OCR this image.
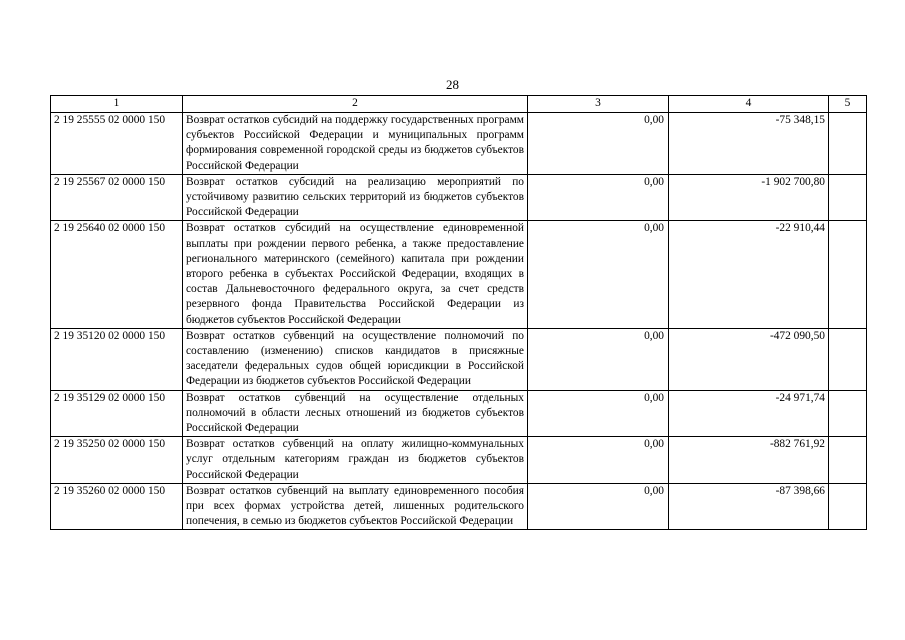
28
1	2	3	4	5
2 19 25555 02 0000 150	Возврат остатков субсидий на поддержку государственных программ субъектов Российской Федерации и муниципальных программ формирования современной городской среды из бюджетов субъектов Российской Федерации	0,00	-75 348,15	
2 19 25567 02 0000 150	Возврат остатков субсидий на реализацию мероприятий по устойчивому развитию сельских территорий из бюджетов субъектов Российской Федерации	0,00	-1 902 700,80	
2 19 25640 02 0000 150	Возврат остатков субсидий на осуществление единовременной выплаты при рождении первого ребенка, а также предоставление регионального материнского (семейного) капитала при рождении второго ребенка в субъектах Российской Федерации, входящих в состав Дальневосточного федерального округа, за счет средств резервного фонда Правительства Российской Федерации из бюджетов субъектов Российской Федерации	0,00	-22 910,44	
2 19 35120 02 0000 150	Возврат остатков субвенций на осуществление полномочий по составлению (изменению) списков кандидатов в присяжные заседатели федеральных судов общей юрисдикции в Российской Федерации из бюджетов субъектов Российской Федерации	0,00	-472 090,50	
2 19 35129 02 0000 150	Возврат остатков субвенций на осуществление отдельных полномочий в области лесных отношений из бюджетов субъектов Российской Федерации	0,00	-24 971,74	
2 19 35250 02 0000 150	Возврат остатков субвенций на оплату жилищно-коммунальных услуг отдельным категориям граждан из бюджетов субъектов Российской Федерации	0,00	-882 761,92	
2 19 35260 02 0000 150	Возврат остатков субвенций на выплату единовременного пособия при всех формах устройства детей, лишенных родительского попечения, в семью из бюджетов субъектов Российской Федерации	0,00	-87 398,66	
